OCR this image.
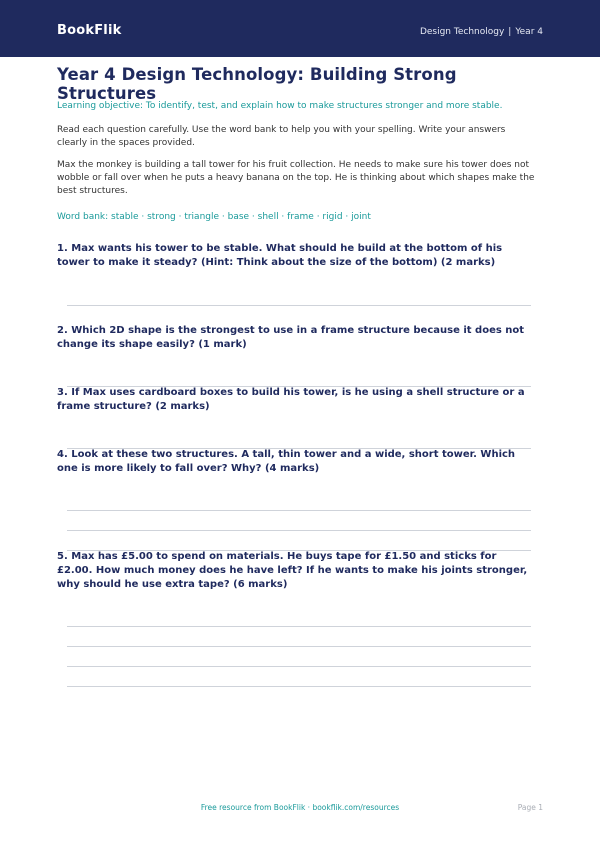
BookFlik	Design Technology | Year 4
Year 4 Design Technology: Building Strong Structures
Learning objective: To identify, test, and explain how to make structures stronger and more stable.
Read each question carefully. Use the word bank to help you with your spelling. Write your answers clearly in the spaces provided.
Max the monkey is building a tall tower for his fruit collection. He needs to make sure his tower does not wobble or fall over when he puts a heavy banana on the top. He is thinking about which shapes make the best structures.
Word bank: stable · strong · triangle · base · shell · frame · rigid · joint
1. Max wants his tower to be stable. What should he build at the bottom of his tower to make it steady? (Hint: Think about the size of the bottom) (2 marks)
2. Which 2D shape is the strongest to use in a frame structure because it does not change its shape easily? (1 mark)
3. If Max uses cardboard boxes to build his tower, is he using a shell structure or a frame structure? (2 marks)
4. Look at these two structures. A tall, thin tower and a wide, short tower. Which one is more likely to fall over? Why? (4 marks)
5. Max has £5.00 to spend on materials. He buys tape for £1.50 and sticks for £2.00. How much money does he have left? If he wants to make his joints stronger, why should he use extra tape? (6 marks)
Free resource from BookFlik · bookflik.com/resources	Page 1
